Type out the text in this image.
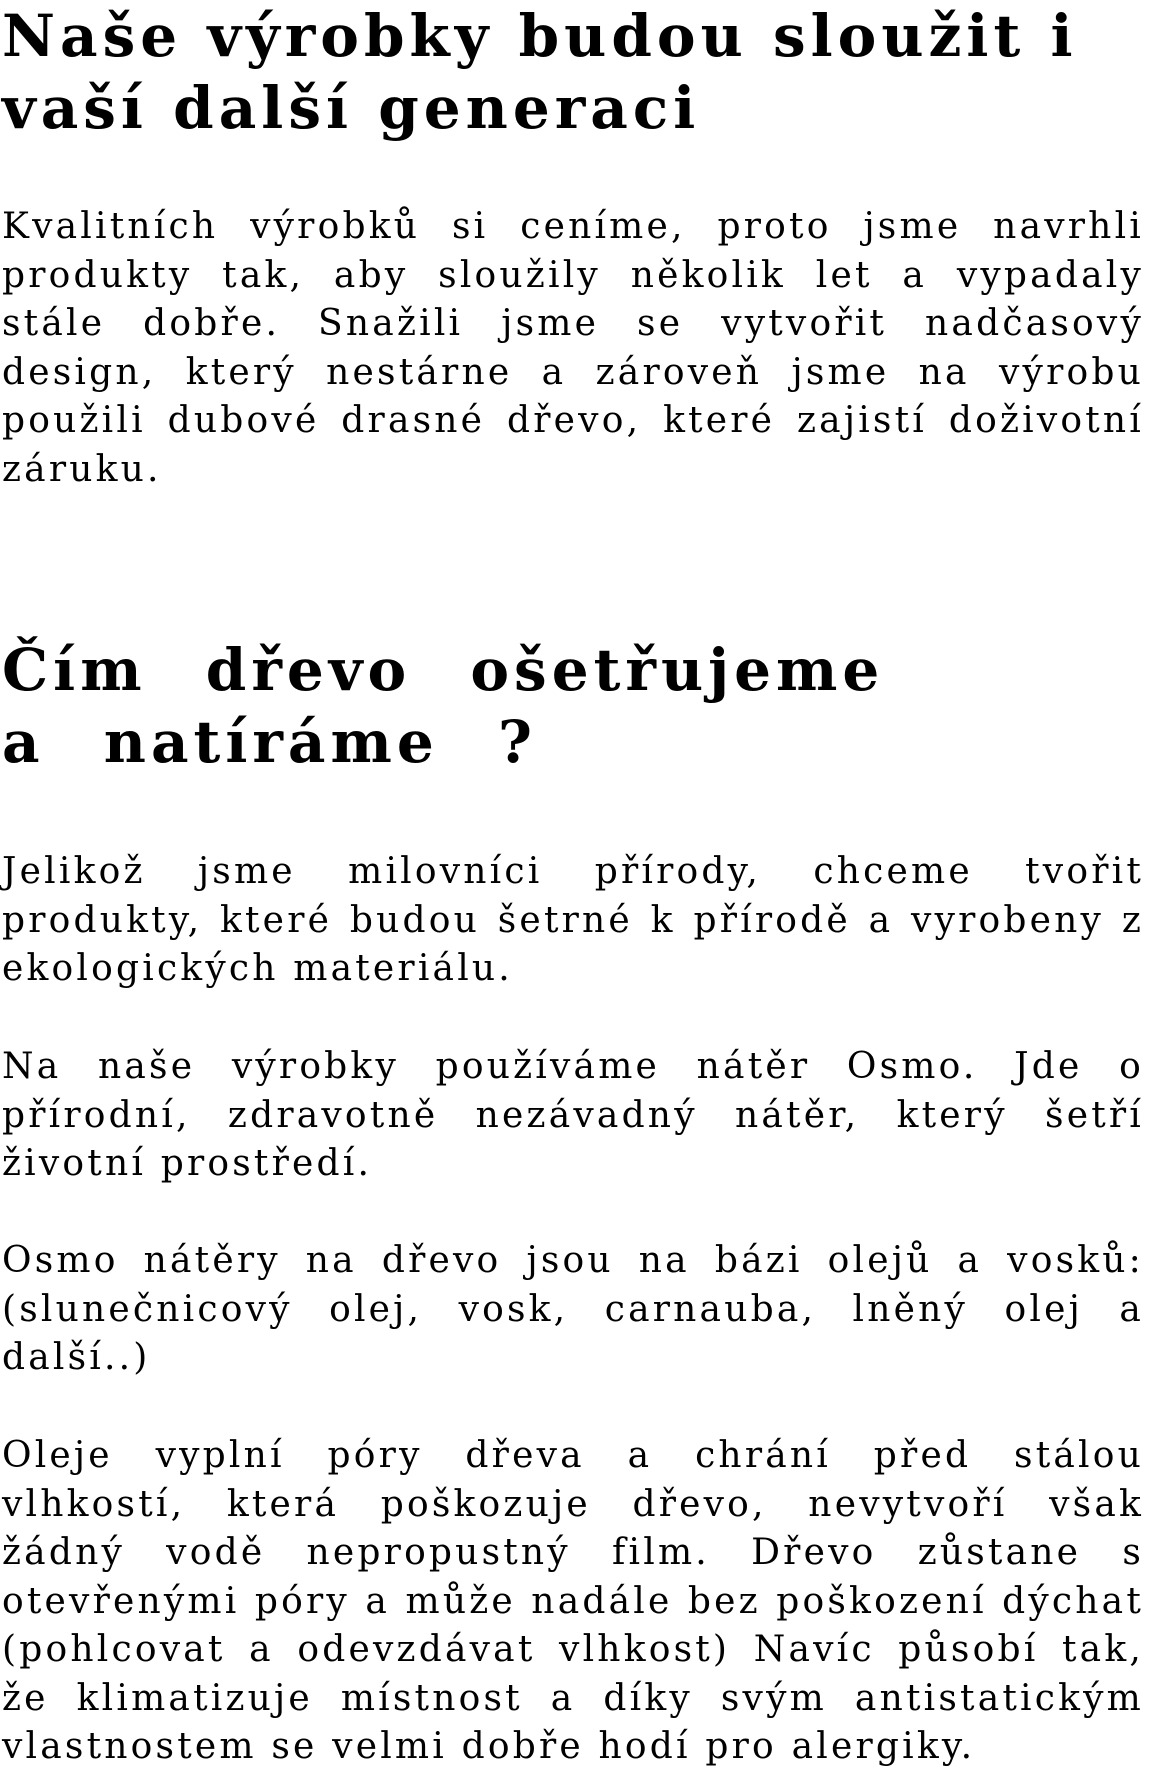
Naše výrobky budou sloužit i vaší další generaci

Kvalitních výrobků si ceníme, proto jsme navrhli produkty tak, aby sloužily několik let a vypadaly stále dobře. Snažili jsme se vytvořit nadčasový design, který nestárne a zároveň jsme na výrobu použili dubové drasné dřevo, které zajistí doživotní záruku.

Čím dřevo ošetřujeme a natíráme ?

Jelikož jsme milovníci přírody, chceme tvořit produkty, které budou šetrné k přírodě a vyrobeny z ekologických materiálu.

Na naše výrobky používáme nátěr Osmo. Jde o přírodní, zdravotně nezávadný nátěr, který šetří životní prostředí.

Osmo nátěry na dřevo jsou na bázi olejů a vosků: (slunečnicový olej, vosk, carnauba, lněný olej a další..)

Oleje vyplní póry dřeva a chrání před stálou vlhkostí, která poškozuje dřevo, nevytvoří však žádný vodě nepropustný film. Dřevo zůstane s otevřenými póry a může nadále bez poškození dýchat (pohlcovat a odevzdávat vlhkost) Navíc působí tak, že klimatizuje místnost a díky svým antistatickým vlastnostem se velmi dobře hodí pro alergiky.
